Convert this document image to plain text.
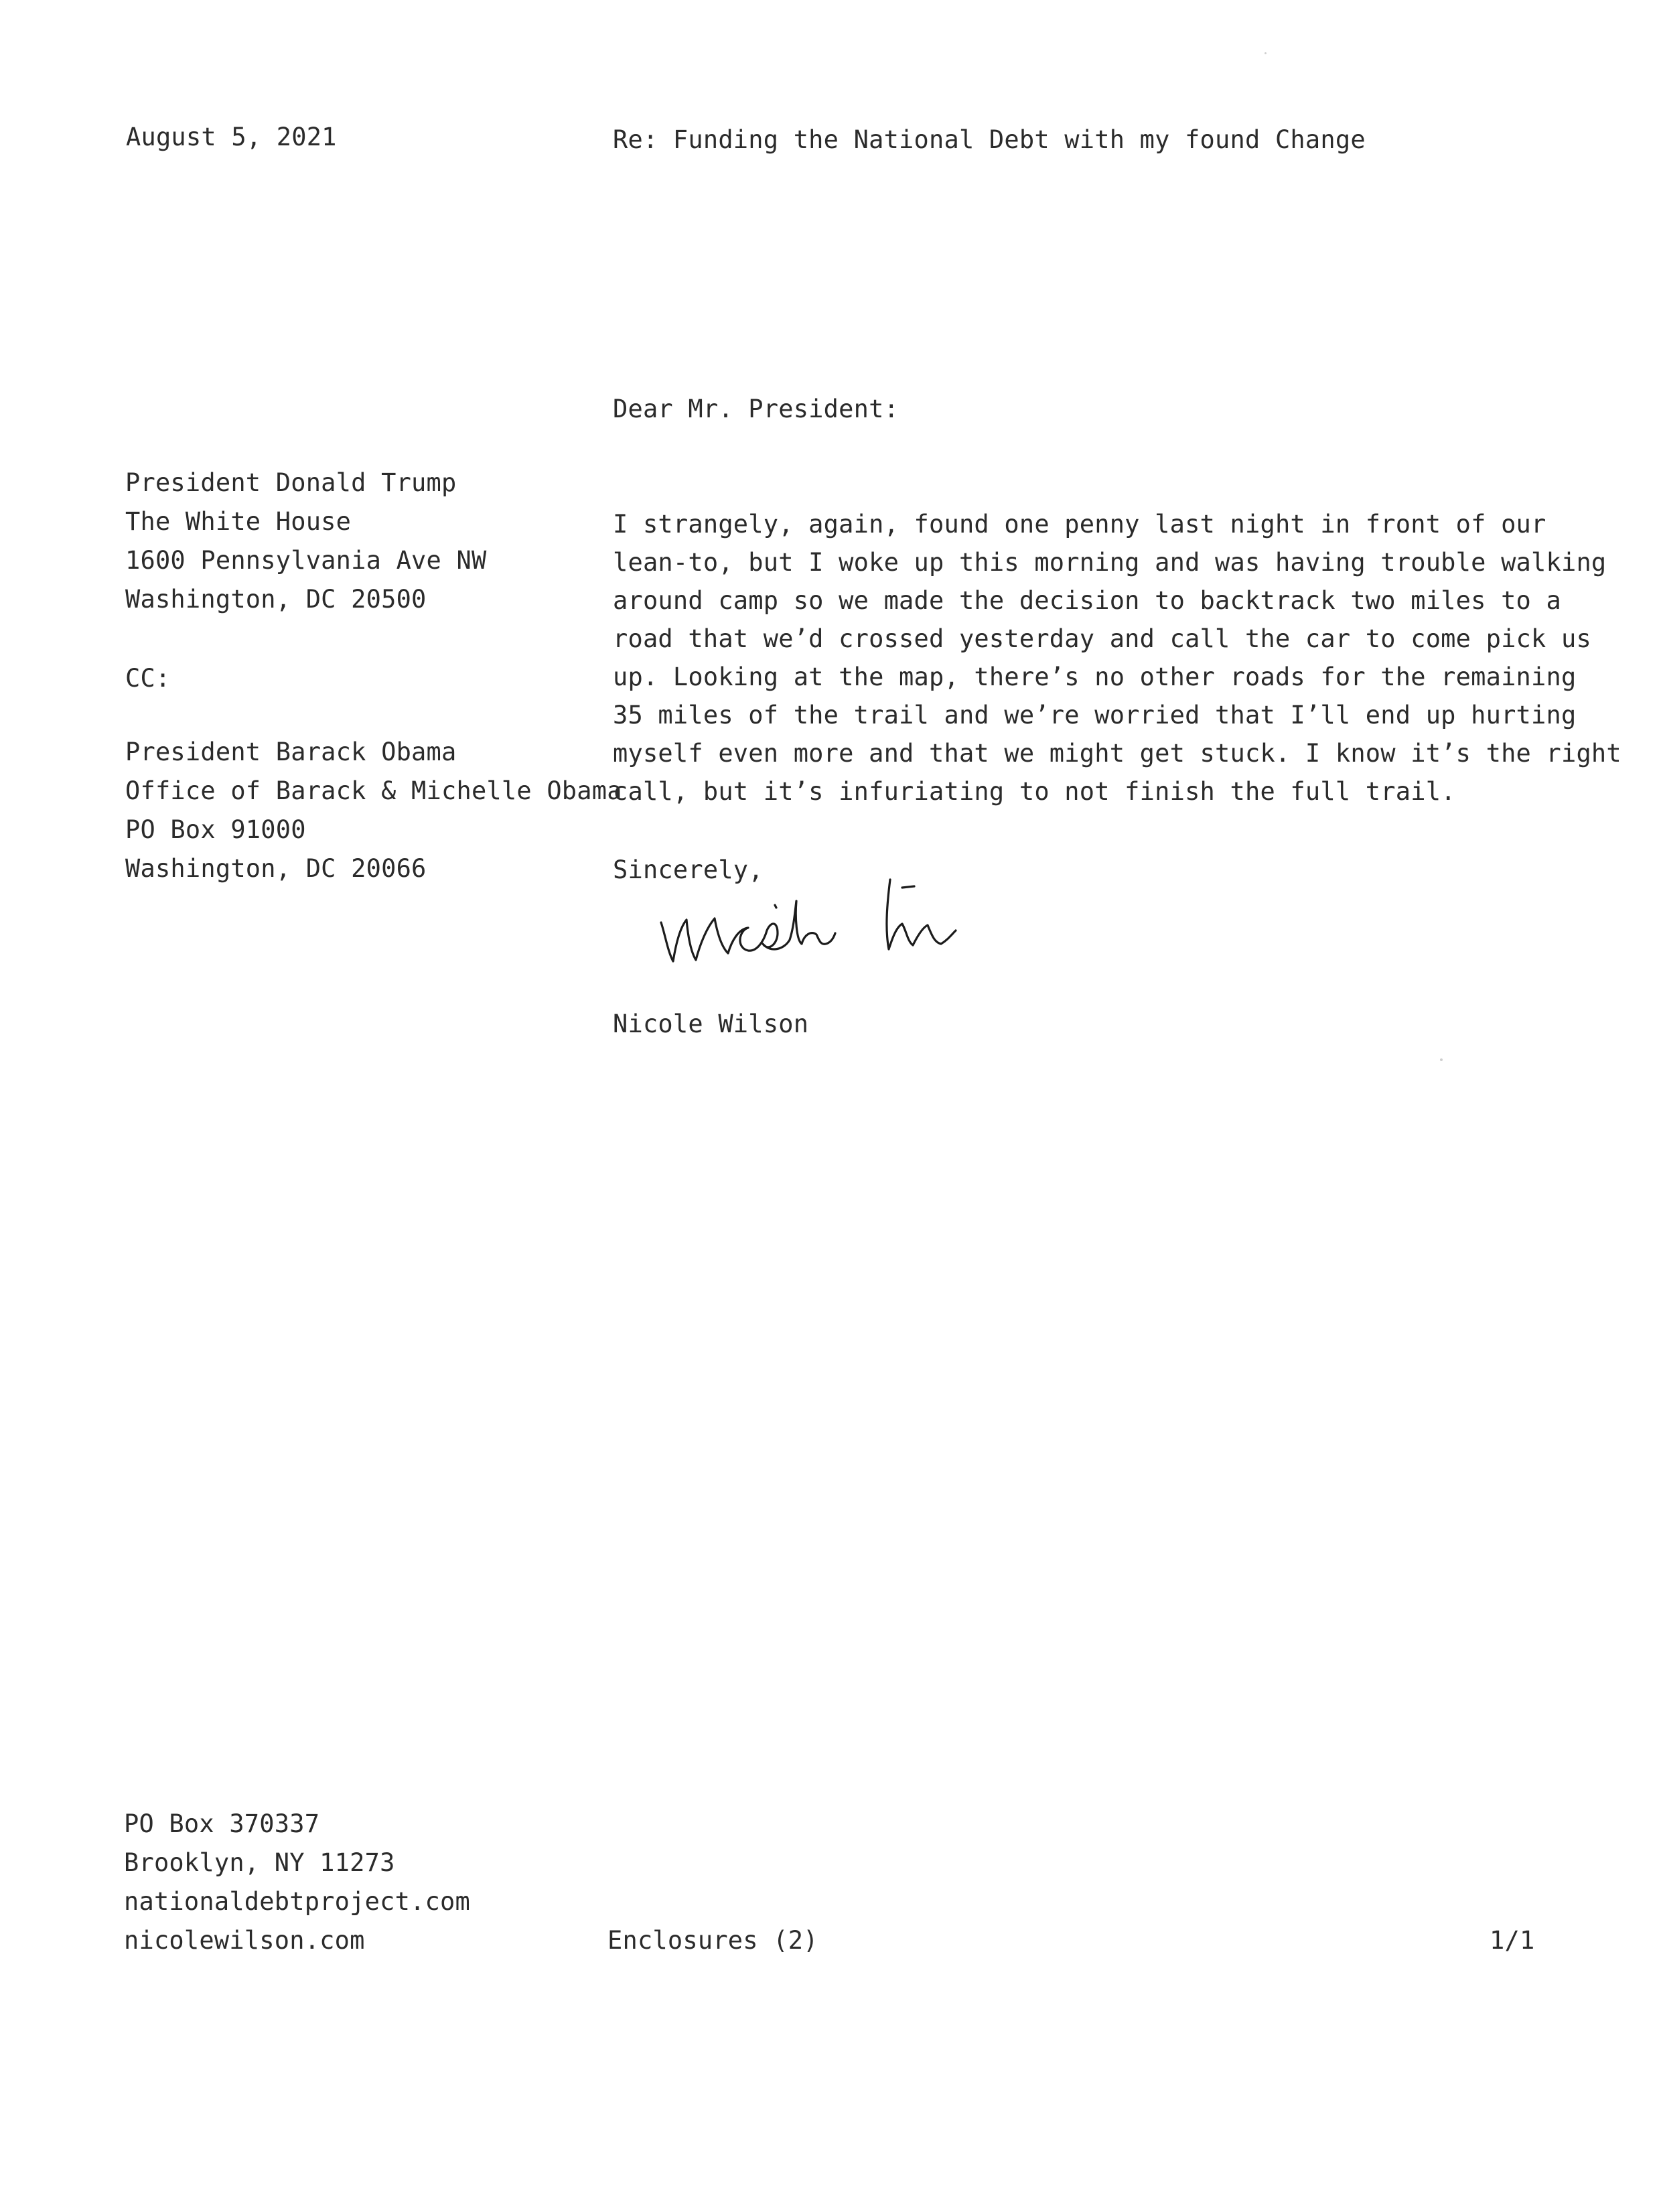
August 5, 2021	Re: Funding the National Debt with my found Change
Dear Mr. President:
President Donald Trump
The White House
1600 Pennsylvania Ave NW
Washington, DC 20500
CC:
President Barack Obama
Office of Barack & Michelle Obama
PO Box 91000
Washington, DC 20066
I strangely, again, found one penny last night in front of our
lean-to, but I woke up this morning and was having trouble walking
around camp so we made the decision to backtrack two miles to a
road that we’d crossed yesterday and call the car to come pick us
up. Looking at the map, there’s no other roads for the remaining
35 miles of the trail and we’re worried that I’ll end up hurting
myself even more and that we might get stuck. I know it’s the right
call, but it’s infuriating to not finish the full trail.
Sincerely,
Nicole Wilson
PO Box 370337
Brooklyn, NY 11273
nationaldebtproject.com
nicolewilson.com	Enclosures (2)	1/1
